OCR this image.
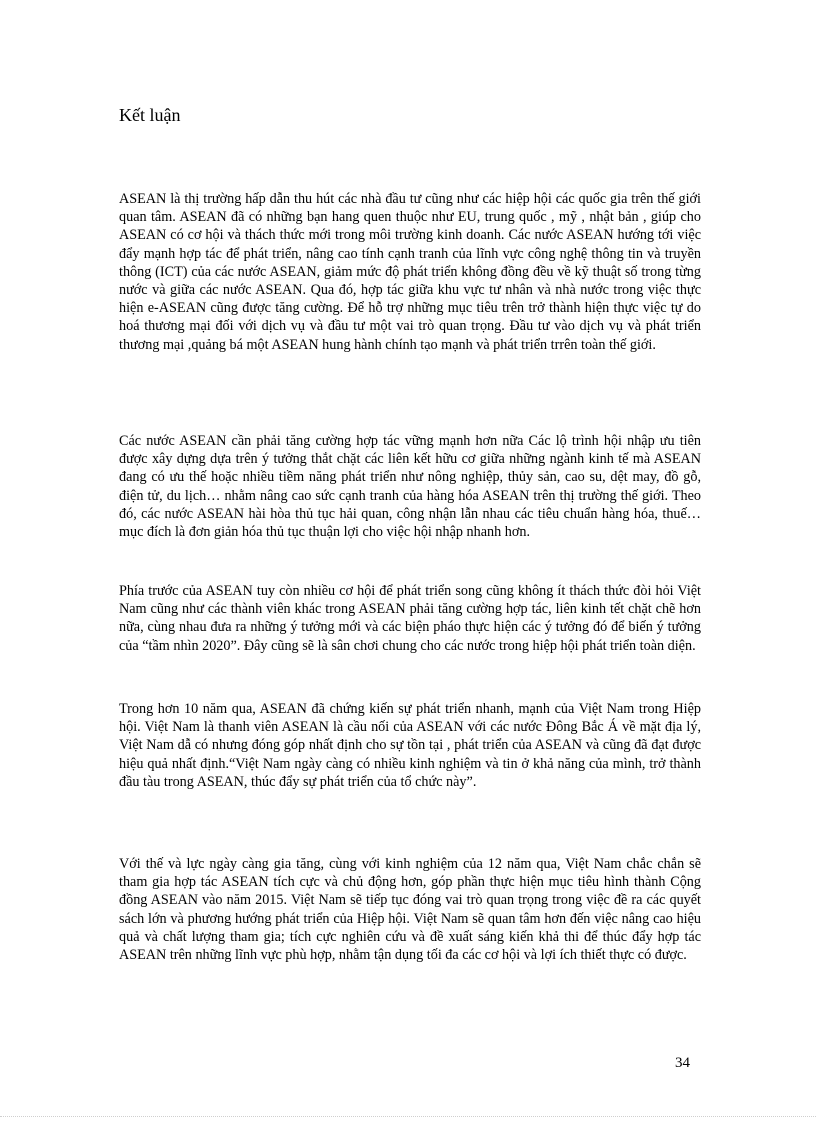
Kết luận

ASEAN là thị trường hấp dẫn thu hút các nhà đầu tư cũng như các hiệp hội các quốc gia trên thế giới quan tâm. ASEAN đã có những bạn hang quen thuộc như EU, trung quốc , mỹ , nhật bản , giúp cho ASEAN có cơ hội và thách thức mới trong môi trường kinh doanh. Các nước ASEAN hướng tới việc đẩy mạnh hợp tác để phát triển, nâng cao tính cạnh tranh của lĩnh vực công nghệ thông tin và truyền thông (ICT) của các nước ASEAN, giảm mức độ phát triển không đồng đều về kỹ thuật số trong từng nước và giữa các nước ASEAN. Qua đó, hợp tác giữa khu vực tư nhân và nhà nước trong việc thực hiện e-ASEAN cũng được tăng cường. Để hỗ trợ những mục tiêu trên trở thành hiện thực việc tự do hoá thương mại đối với dịch vụ và đầu tư một vai trò quan trọng. Đầu tư vào dịch vụ và phát triển thương mại ,quảng bá một ASEAN hung hành chính tạo mạnh và phát triển trrên toàn thế giới.

Các nước ASEAN cần phải tăng cường hợp tác vững mạnh hơn nữa Các lộ trình hội nhập ưu tiên được xây dựng dựa trên ý tưởng thắt chặt các liên kết hữu cơ giữa những ngành kinh tế mà ASEAN đang có ưu thế hoặc nhiều tiềm năng phát triển như nông nghiệp, thủy sản, cao su, dệt may, đồ gỗ, điện tử, du lịch… nhằm nâng cao sức cạnh tranh của hàng hóa ASEAN trên thị trường thế giới. Theo đó, các nước ASEAN hài hòa thủ tục hải quan, công nhận lẫn nhau các tiêu chuẩn hàng hóa, thuế… mục đích là đơn giản hóa thủ tục thuận lợi cho việc hội nhập nhanh hơn.

Phía trước của ASEAN tuy còn nhiều cơ hội để phát triển song cũng không ít thách thức đòi hỏi Việt Nam cũng như các thành viên khác trong ASEAN phải tăng cường hợp tác, liên kinh tết chặt chẽ hơn nữa, cùng nhau đưa ra những ý tưởng mới và các biện pháo thực hiện các ý tưởng đó để biến ý tưởng của “tầm nhìn 2020”. Đây cũng sẽ là sân chơi chung cho các nước trong hiệp hội phát triển toàn diện.

Trong hơn 10 năm qua, ASEAN đã chứng kiến sự phát triển nhanh, mạnh của Việt Nam trong Hiệp hội. Việt Nam là thanh viên ASEAN là cầu nối của ASEAN với các nước Đông Bắc Á về mặt địa lý, Việt Nam dẫ có nhưng đóng góp nhất định cho sự tồn tại , phát triển của ASEAN và cũng đã đạt được hiệu quả nhất định.“Việt Nam ngày càng có nhiều kinh nghiệm và tin ở khả năng của mình, trở thành đầu tàu trong ASEAN, thúc đẩy sự phát triển của tổ chức này”.

Với thế và lực ngày càng gia tăng, cùng với kinh nghiệm của 12 năm qua, Việt Nam chắc chắn sẽ tham gia hợp tác ASEAN tích cực và chủ động hơn, góp phần thực hiện mục tiêu hình thành Cộng đồng ASEAN vào năm 2015. Việt Nam sẽ tiếp tục đóng vai trò quan trọng trong việc đề ra các quyết sách lớn và phương hướng phát triển của Hiệp hội. Việt Nam sẽ quan tâm hơn đến việc nâng cao hiệu quả và chất lượng tham gia; tích cực nghiên cứu và đề xuất sáng kiến khả thi để thúc đẩy hợp tác ASEAN trên những lĩnh vực phù hợp, nhằm tận dụng tối đa các cơ hội và lợi ích thiết thực có được.

34
